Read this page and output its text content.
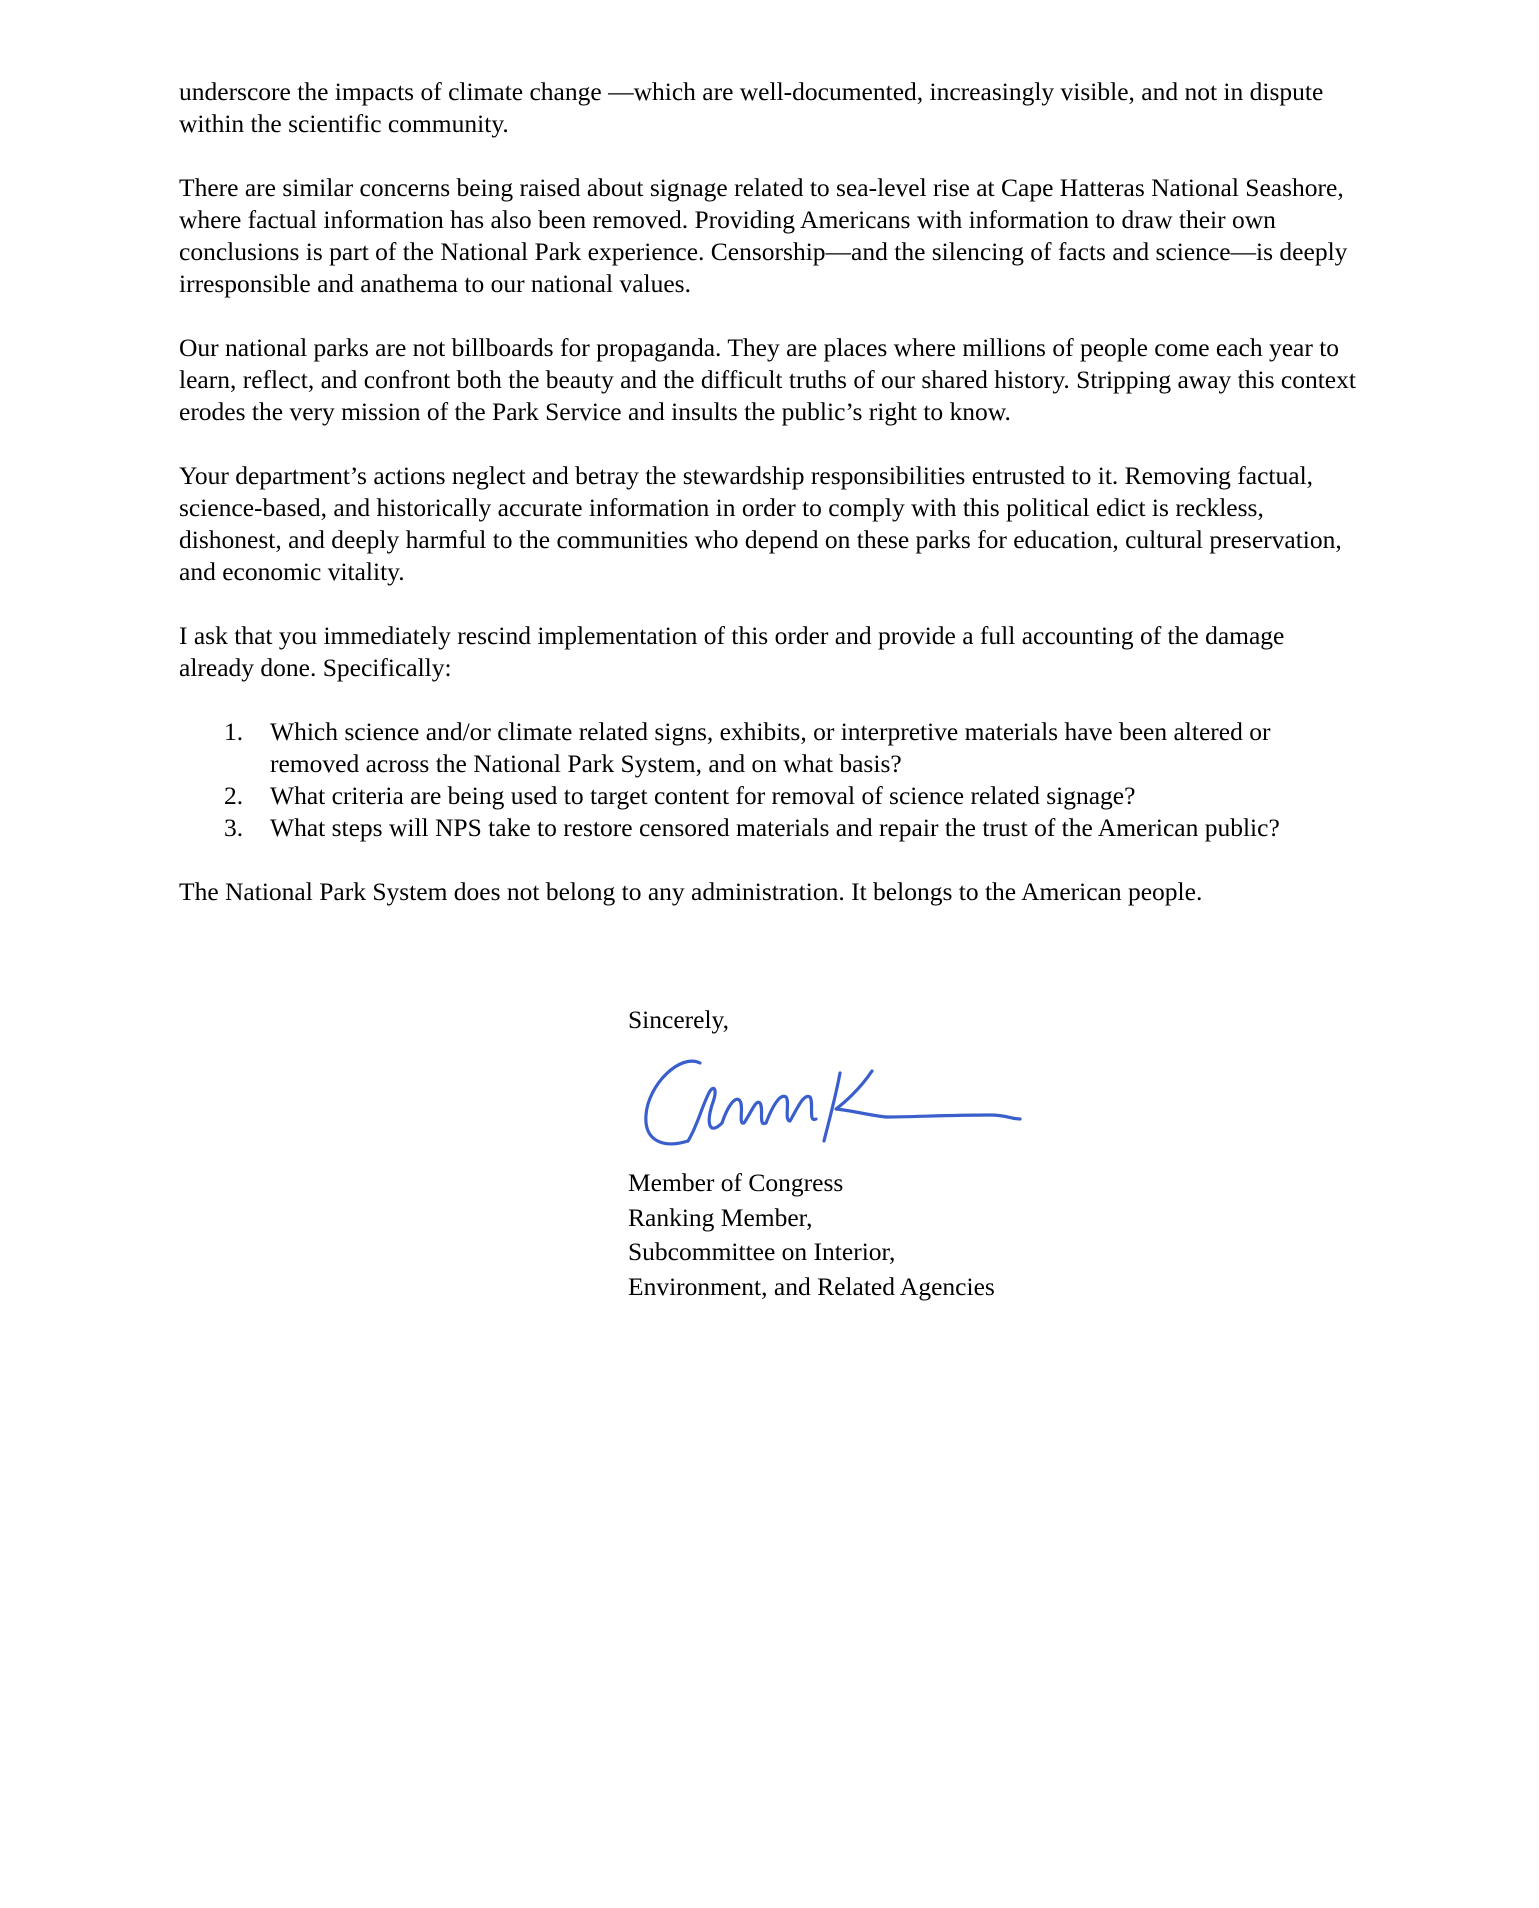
underscore the impacts of climate change —which are well-documented, increasingly visible, and not in dispute within the scientific community.

There are similar concerns being raised about signage related to sea-level rise at Cape Hatteras National Seashore, where factual information has also been removed. Providing Americans with information to draw their own conclusions is part of the National Park experience. Censorship—and the silencing of facts and science—is deeply irresponsible and anathema to our national values.

Our national parks are not billboards for propaganda. They are places where millions of people come each year to learn, reflect, and confront both the beauty and the difficult truths of our shared history. Stripping away this context erodes the very mission of the Park Service and insults the public’s right to know.

Your department’s actions neglect and betray the stewardship responsibilities entrusted to it. Removing factual, science-based, and historically accurate information in order to comply with this political edict is reckless, dishonest, and deeply harmful to the communities who depend on these parks for education, cultural preservation, and economic vitality.

I ask that you immediately rescind implementation of this order and provide a full accounting of the damage already done. Specifically:

1. Which science and/or climate related signs, exhibits, or interpretive materials have been altered or removed across the National Park System, and on what basis?
2. What criteria are being used to target content for removal of science related signage?
3. What steps will NPS take to restore censored materials and repair the trust of the American public?

The National Park System does not belong to any administration. It belongs to the American people.

Sincerely,
Member of Congress
Ranking Member,
Subcommittee on Interior,
Environment, and Related Agencies
